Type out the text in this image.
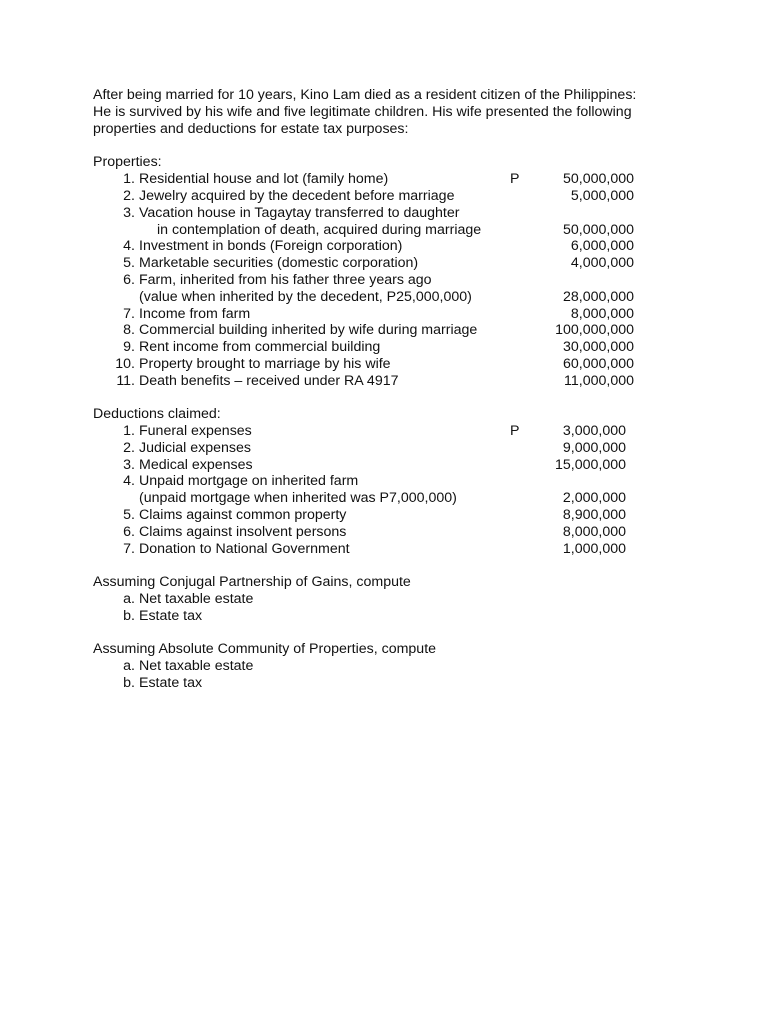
After being married for 10 years, Kino Lam died as a resident citizen of the Philippines:
He is survived by his wife and five legitimate children. His wife presented the following
properties and deductions for estate tax purposes:
Properties:
1. Residential house and lot (family home)	P	50,000,000
2. Jewelry acquired by the decedent before marriage	5,000,000
3. Vacation house in Tagaytay transferred to daughter
in contemplation of death, acquired during marriage	50,000,000
4. Investment in bonds (Foreign corporation)	6,000,000
5. Marketable securities (domestic corporation)	4,000,000
6. Farm, inherited from his father three years ago
(value when inherited by the decedent, P25,000,000)	28,000,000
7. Income from farm	8,000,000
8. Commercial building inherited by wife during marriage	100,000,000
9. Rent income from commercial building	30,000,000
10. Property brought to marriage by his wife	60,000,000
11. Death benefits – received under RA 4917	11,000,000
Deductions claimed:
1. Funeral expenses	P	3,000,000
2. Judicial expenses	9,000,000
3. Medical expenses	15,000,000
4. Unpaid mortgage on inherited farm
(unpaid mortgage when inherited was P7,000,000)	2,000,000
5. Claims against common property	8,900,000
6. Claims against insolvent persons	8,000,000
7. Donation to National Government	1,000,000
Assuming Conjugal Partnership of Gains, compute
a. Net taxable estate
b. Estate tax
Assuming Absolute Community of Properties, compute
a. Net taxable estate
b. Estate tax
